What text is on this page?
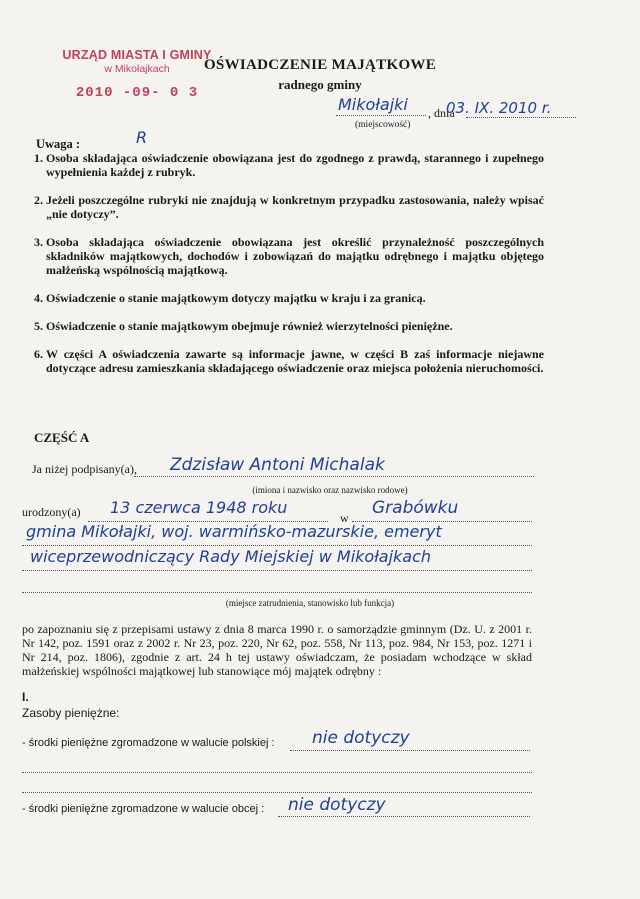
URZĄD MIASTA I GMINY
w Mikołajkach
2010 -09- 0 3
OŚWIADCZENIE MAJĄTKOWE
radnego gminy
Mikołajki , dnia
03. IX. 2010 r.
(miejscowość)
R
Uwaga :
1. Osoba składająca oświadczenie obowiązana jest do zgodnego z prawdą, starannego i zupełnego wypełnienia każdej z rubryk.
2. Jeżeli poszczególne rubryki nie znajdują w konkretnym przypadku zastosowania, należy wpisać „nie dotyczy”.
3. Osoba składająca oświadczenie obowiązana jest określić przynależność poszczególnych składników majątkowych, dochodów i zobowiązań do majątku odrębnego i majątku objętego małżeńską wspólnością majątkową.
4. Oświadczenie o stanie majątkowym dotyczy majątku w kraju i za granicą.
5. Oświadczenie o stanie majątkowym obejmuje również wierzytelności pieniężne.
6. W części A oświadczenia zawarte są informacje jawne, w części B zaś informacje niejawne dotyczące adresu zamieszkania składającego oświadczenie oraz miejsca położenia nieruchomości.
CZĘŚĆ A
Ja niżej podpisany(a), Zdzisław Antoni Michalak
(imiona i nazwisko oraz nazwisko rodowe)
urodzony(a) 13 czerwca 1948 roku
w Grabówku
gmina Mikołajki, woj. warmińsko-mazurskie, emeryt
wiceprzewodniczący Rady Miejskiej w Mikołajkach
(miejsce zatrudnienia, stanowisko lub funkcja)
po zapoznaniu się z przepisami ustawy z dnia 8 marca 1990 r. o samorządzie gminnym (Dz. U. z 2001 r. Nr 142, poz. 1591 oraz z 2002 r. Nr 23, poz. 220, Nr 62, poz. 558, Nr 113, poz. 984, Nr 153, poz. 1271 i Nr 214, poz. 1806), zgodnie z art. 24 h tej ustawy oświadczam, że posiadam wchodzące w skład małżeńskiej wspólności majątkowej lub stanowiące mój majątek odrębny :
I.
Zasoby pieniężne:
- środki pieniężne zgromadzone w walucie polskiej : nie dotyczy
- środki pieniężne zgromadzone w walucie obcej : nie dotyczy
